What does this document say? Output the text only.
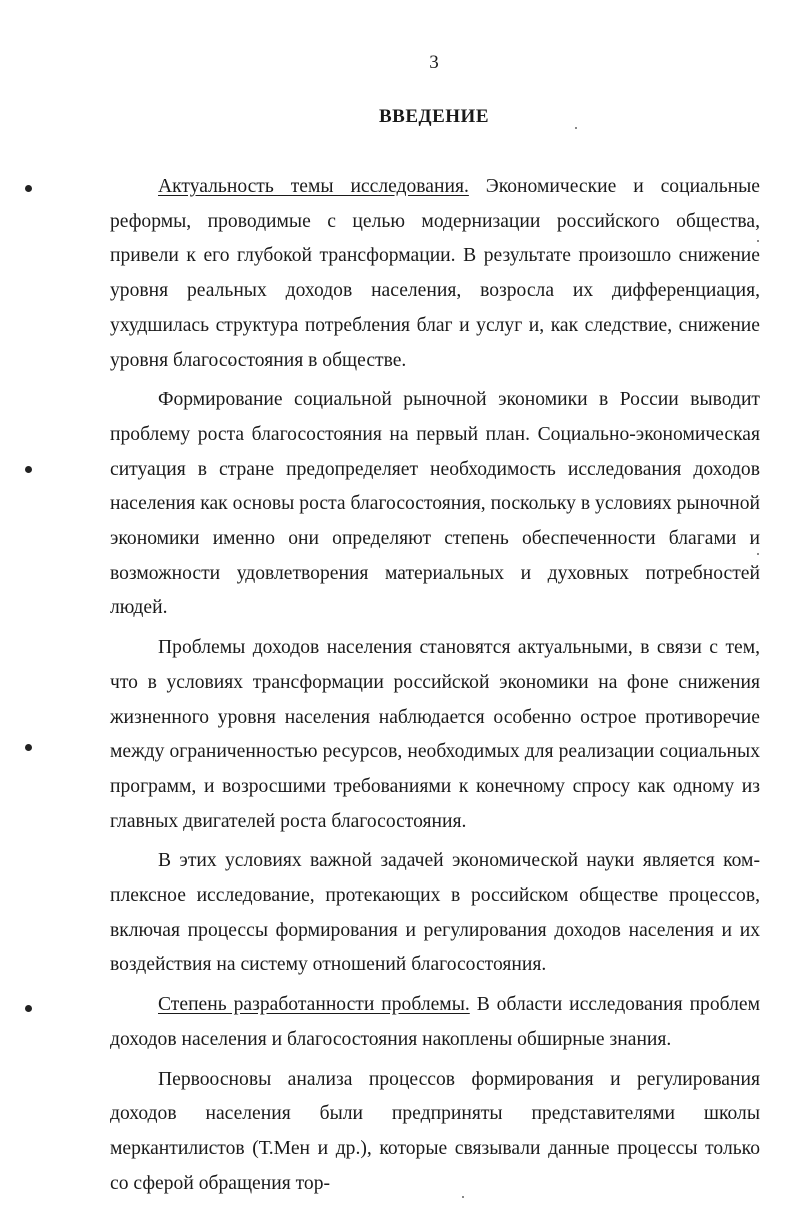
3
ВВЕДЕНИЕ

Актуальность темы исследования. Экономические и социальные реформы, проводимые с целью модернизации российского общества, привели к его глубокой трансформации. В результате произошло снижение уровня реальных доходов населения, возросла их дифференциация, ухудшилась структура потребления благ и услуг и, как следствие, снижение уровня благосостояния в обществе.

Формирование социальной рыночной экономики в России выводит проблему роста благосостояния на первый план. Социально-экономическая ситуация в стране предопределяет необходимость исследования доходов населения как основы роста благосостояния, поскольку в условиях рыночной экономики именно они определяют степень обеспеченности благами и возможности удовлетворения материальных и духовных потребностей людей.

Проблемы доходов населения становятся актуальными, в связи с тем, что в условиях трансформации российской экономики на фоне снижения жизненного уровня населения наблюдается особенно острое противоречие между ограниченностью ресурсов, необходимых для реализации социальных программ, и возросшими требованиями к конечному спросу как одному из главных двигателей роста благосостояния.

В этих условиях важной задачей экономической науки является комплексное исследование, протекающих в российском обществе процессов, включая процессы формирования и регулирования доходов населения и их воздействия на систему отношений благосостояния.

Степень разработанности проблемы. В области исследования проблем доходов населения и благосостояния накоплены обширные знания.

Первоосновы анализа процессов формирования и регулирования доходов населения были предприняты представителями школы меркантилистов (Т.Мен и др.), которые связывали данные процессы только со сферой обращения тор-
